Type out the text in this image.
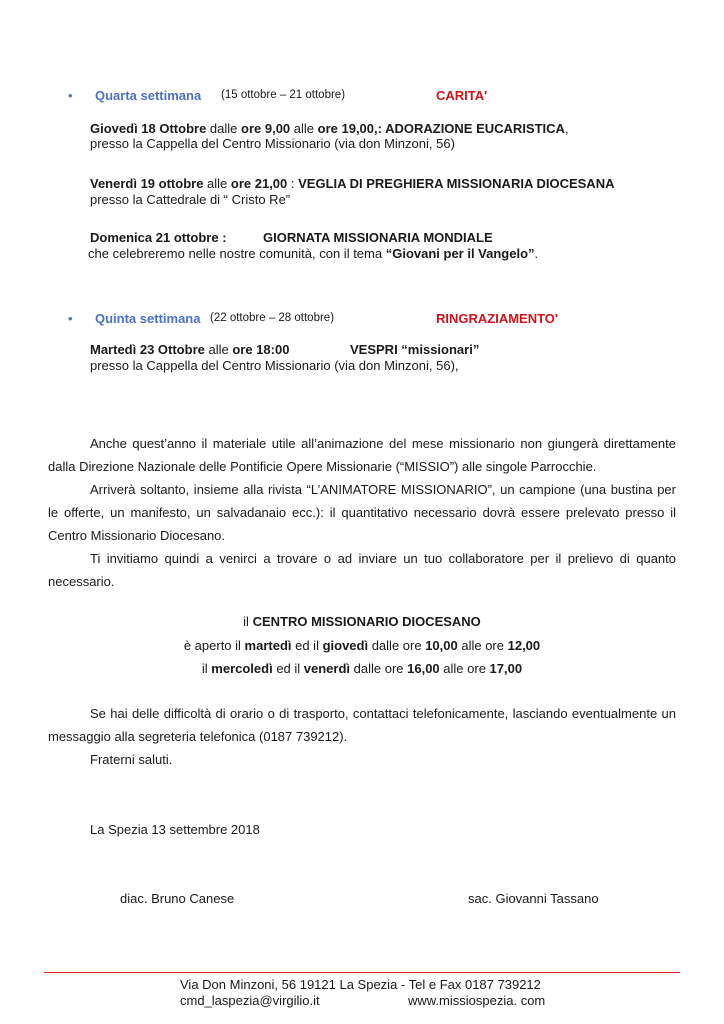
• Quarta settimana (15 ottobre – 21 ottobre)	CARITA'
Giovedì 18 Ottobre dalle ore 9,00 alle ore 19,00,: ADORAZIONE EUCARISTICA,
presso la Cappella del Centro Missionario (via don Minzoni, 56)
Venerdì 19 ottobre alle ore 21,00 : VEGLIA DI PREGHIERA MISSIONARIA DIOCESANA
presso la Cattedrale di “ Cristo Re”
Domenica 21 ottobre :	GIORNATA MISSIONARIA MONDIALE
che celebreremo nelle nostre comunità, con il tema “Giovani per il Vangelo”.
• Quinta settimana (22 ottobre – 28 ottobre)	RINGRAZIAMENTO'
Martedì 23 Ottobre alle ore 18:00	VESPRI “missionari”
presso la Cappella del Centro Missionario (via don Minzoni, 56),

Anche quest’anno il materiale utile all’animazione del mese missionario non giungerà direttamente dalla Direzione Nazionale delle Pontificie Opere Missionarie (“MISSIO”) alle singole Parrocchie.

Arriverà soltanto, insieme alla rivista “L’ANIMATORE MISSIONARIO”, un campione (una bustina per le offerte, un manifesto, un salvadanaio ecc.): il quantitativo necessario dovrà essere prelevato presso il Centro Missionario Diocesano.

Ti invitiamo quindi a venirci a trovare o ad inviare un tuo collaboratore per il prelievo di quanto necessario.

il CENTRO MISSIONARIO DIOCESANO
è aperto il martedì ed il giovedì dalle ore 10,00 alle ore 12,00
il mercoledì ed il venerdì dalle ore 16,00 alle ore 17,00

Se hai delle difficoltà di orario o di trasporto, contattaci telefonicamente, lasciando eventualmente un messaggio alla segreteria telefonica (0187 739212).

Fraterni saluti.

La Spezia 13 settembre 2018
diac. Bruno Canese	sac. Giovanni Tassano
Via Don Minzoni, 56 19121 La Spezia - Tel e Fax 0187 739212
cmd_laspezia@virgilio.it	www.missiospezia. com
